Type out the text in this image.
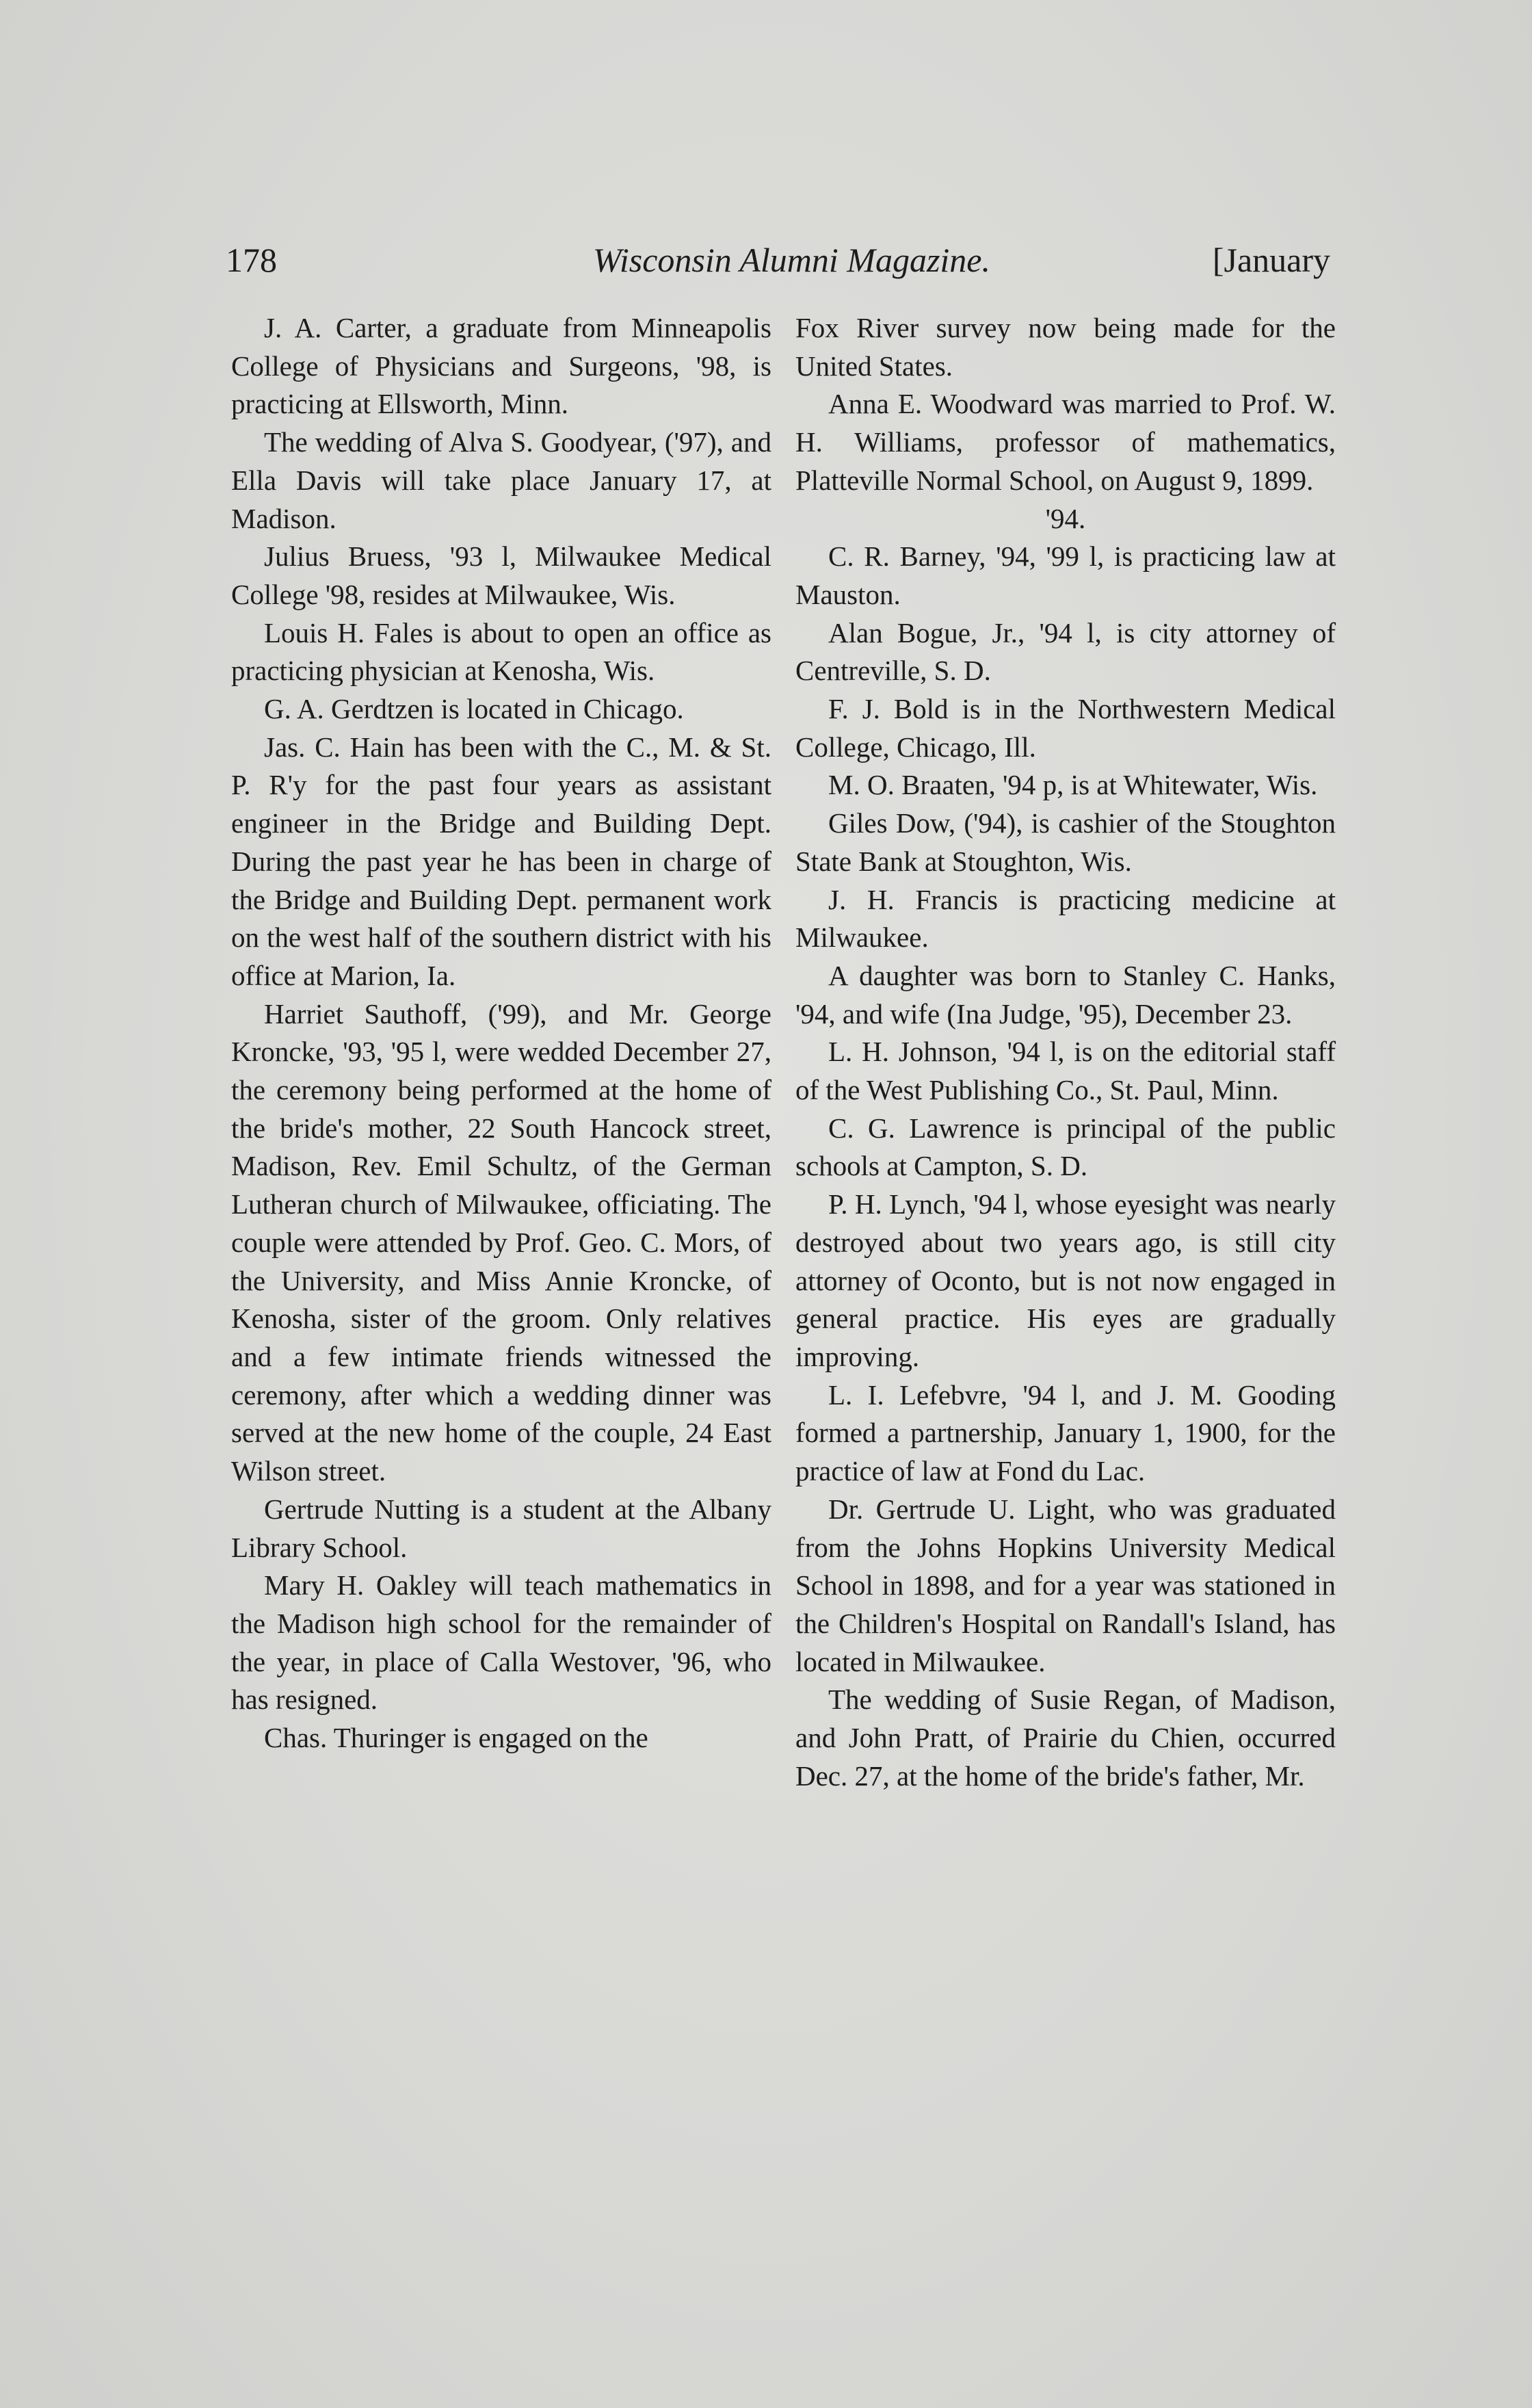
178	Wisconsin Alumni Magazine.	[January

J. A. Carter, a graduate from Minneapolis College of Physicians and Surgeons, '98, is practicing at Ellsworth, Minn.

The wedding of Alva S. Goodyear, ('97), and Ella Davis will take place January 17, at Madison.

Julius Bruess, '93 l, Milwaukee Medical College '98, resides at Milwaukee, Wis.

Louis H. Fales is about to open an office as practicing physician at Kenosha, Wis.

G. A. Gerdtzen is located in Chicago.

Jas. C. Hain has been with the C., M. & St. P. R'y for the past four years as assistant engineer in the Bridge and Building Dept. During the past year he has been in charge of the Bridge and Building Dept. permanent work on the west half of the southern district with his office at Marion, Ia.

Harriet Sauthoff, ('99), and Mr. George Kroncke, '93, '95 l, were wedded December 27, the ceremony being performed at the home of the bride's mother, 22 South Hancock street, Madison, Rev. Emil Schultz, of the German Lutheran church of Milwaukee, officiating. The couple were attended by Prof. Geo. C. Mors, of the University, and Miss Annie Kroncke, of Kenosha, sister of the groom. Only relatives and a few intimate friends witnessed the ceremony, after which a wedding dinner was served at the new home of the couple, 24 East Wilson street.

Gertrude Nutting is a student at the Albany Library School.

Mary H. Oakley will teach mathematics in the Madison high school for the remainder of the year, in place of Calla Westover, '96, who has resigned.

Chas. Thuringer is engaged on the

Fox River survey now being made for the United States.

Anna E. Woodward was married to Prof. W. H. Williams, professor of mathematics, Platteville Normal School, on August 9, 1899.

'94.

C. R. Barney, '94, '99 l, is practicing law at Mauston.

Alan Bogue, Jr., '94 l, is city attorney of Centreville, S. D.

F. J. Bold is in the Northwestern Medical College, Chicago, Ill.

M. O. Braaten, '94 p, is at Whitewater, Wis.

Giles Dow, ('94), is cashier of the Stoughton State Bank at Stoughton, Wis.

J. H. Francis is practicing medicine at Milwaukee.

A daughter was born to Stanley C. Hanks, '94, and wife (Ina Judge, '95), December 23.

L. H. Johnson, '94 l, is on the editorial staff of the West Publishing Co., St. Paul, Minn.

C. G. Lawrence is principal of the public schools at Campton, S. D.

P. H. Lynch, '94 l, whose eyesight was nearly destroyed about two years ago, is still city attorney of Oconto, but is not now engaged in general practice. His eyes are gradually improving.

L. I. Lefebvre, '94 l, and J. M. Gooding formed a partnership, January 1, 1900, for the practice of law at Fond du Lac.

Dr. Gertrude U. Light, who was graduated from the Johns Hopkins University Medical School in 1898, and for a year was stationed in the Children's Hospital on Randall's Island, has located in Milwaukee.

The wedding of Susie Regan, of Madison, and John Pratt, of Prairie du Chien, occurred Dec. 27, at the home of the bride's father, Mr.
